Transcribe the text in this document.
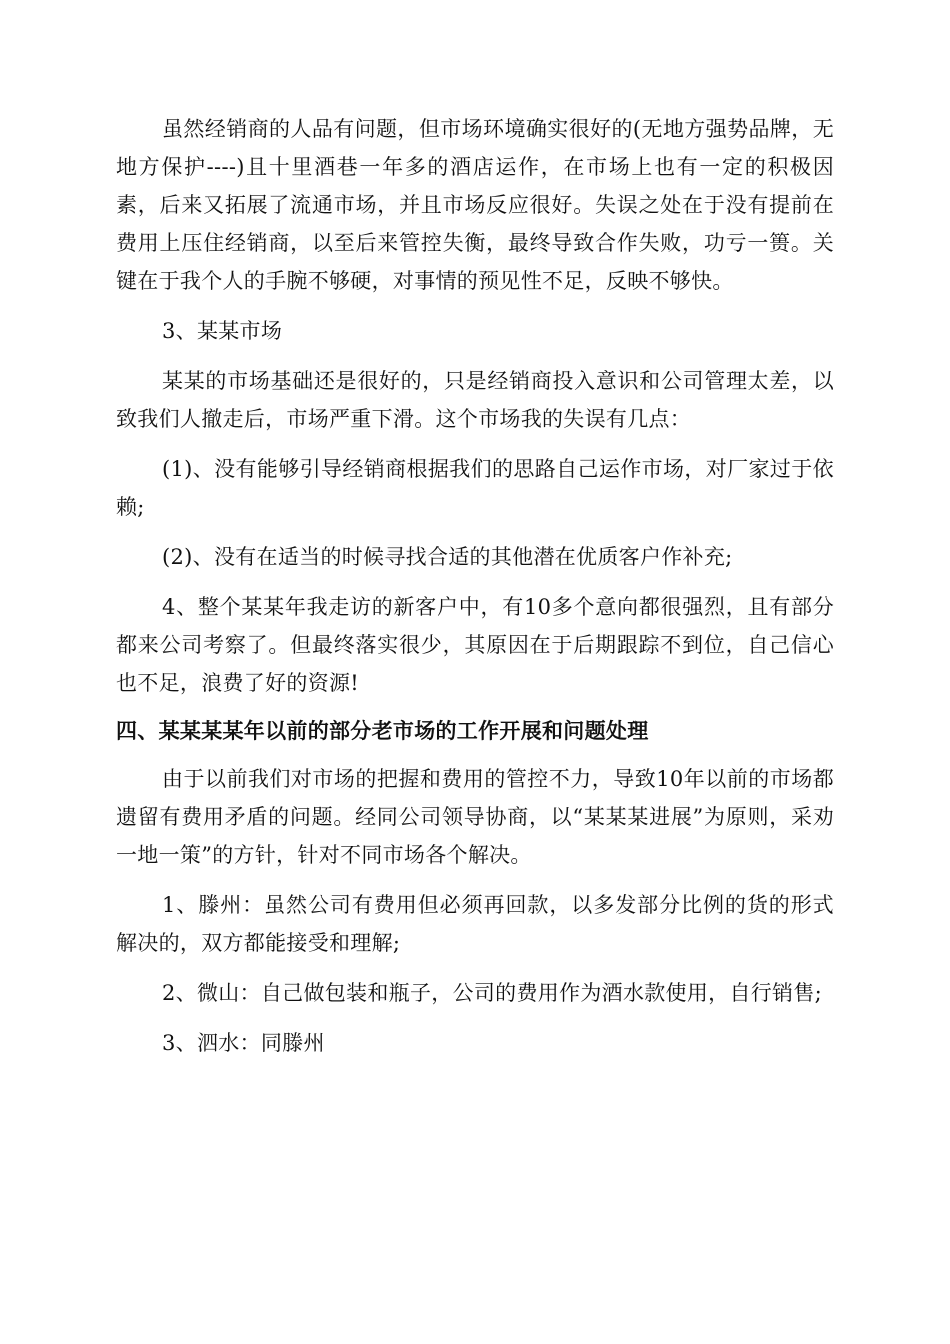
虽然经销商的人品有问题，但市场环境确实很好的(无地方强势品牌，无地方保护----)且十里酒巷一年多的酒店运作，在市场上也有一定的积极因素，后来又拓展了流通市场，并且市场反应很好。失误之处在于没有提前在费用上压住经销商，以至后来管控失衡，最终导致合作失败，功亏一篑。关键在于我个人的手腕不够硬，对事情的预见性不足，反映不够快。

3、某某市场

某某的市场基础还是很好的，只是经销商投入意识和公司管理太差，以致我们人撤走后，市场严重下滑。这个市场我的失误有几点：

(1)、没有能够引导经销商根据我们的思路自己运作市场，对厂家过于依赖;

(2)、没有在适当的时候寻找合适的其他潜在优质客户作补充;

4、整个某某年我走访的新客户中，有10多个意向都很强烈，且有部分都来公司考察了。但最终落实很少，其原因在于后期跟踪不到位，自己信心也不足，浪费了好的资源!

四、某某某某年以前的部分老市场的工作开展和问题处理

由于以前我们对市场的把握和费用的管控不力，导致10年以前的市场都遗留有费用矛盾的问题。经同公司领导协商，以“某某某进展”为原则，采劝一地一策”的方针，针对不同市场各个解决。

1、滕州：虽然公司有费用但必须再回款，以多发部分比例的货的形式解决的，双方都能接受和理解;

2、微山：自己做包装和瓶子，公司的费用作为酒水款使用，自行销售;

3、泗水：同滕州
